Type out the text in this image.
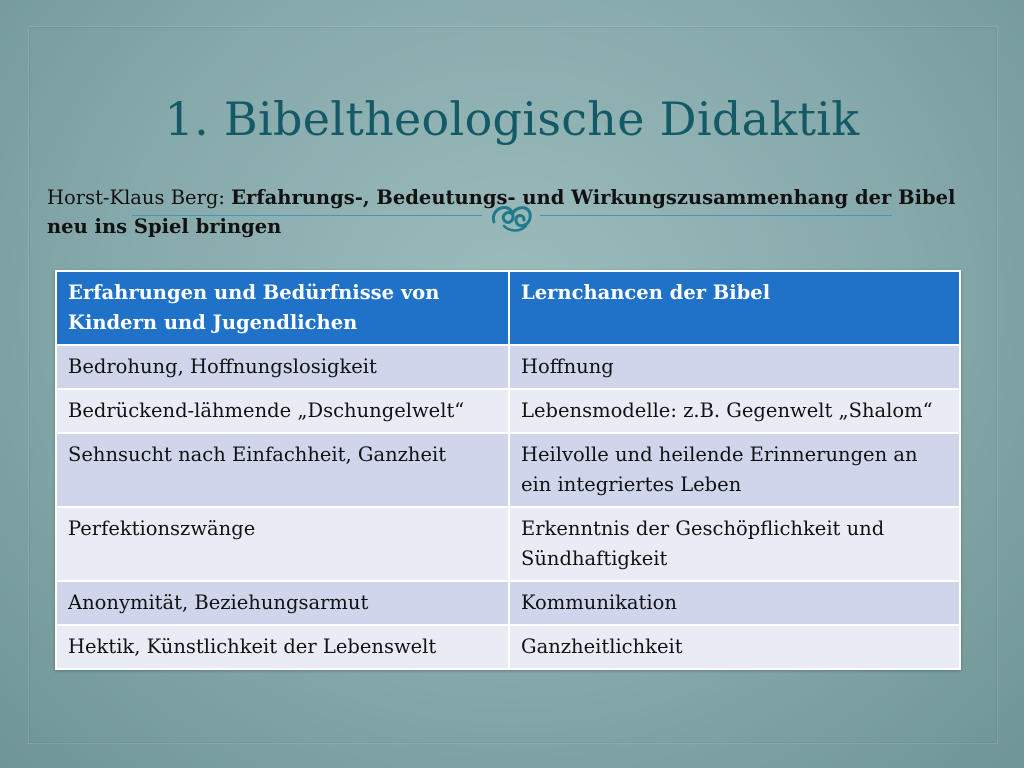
1. Bibeltheologische Didaktik
Horst-Klaus Berg: Erfahrungs-, Bedeutungs- und Wirkungszusammenhang der Bibel neu ins Spiel bringen
Erfahrungen und Bedürfnisse von Kindern und Jugendlichen	Lernchancen der Bibel
Bedrohung, Hoffnungslosigkeit	Hoffnung
Bedrückend-lähmende „Dschungelwelt“	Lebensmodelle: z.B. Gegenwelt „Shalom“
Sehnsucht nach Einfachheit, Ganzheit	Heilvolle und heilende Erinnerungen an ein integriertes Leben
Perfektionszwänge	Erkenntnis der Geschöpflichkeit und Sündhaftigkeit
Anonymität, Beziehungsarmut	Kommunikation
Hektik, Künstlichkeit der Lebenswelt	Ganzheitlichkeit
